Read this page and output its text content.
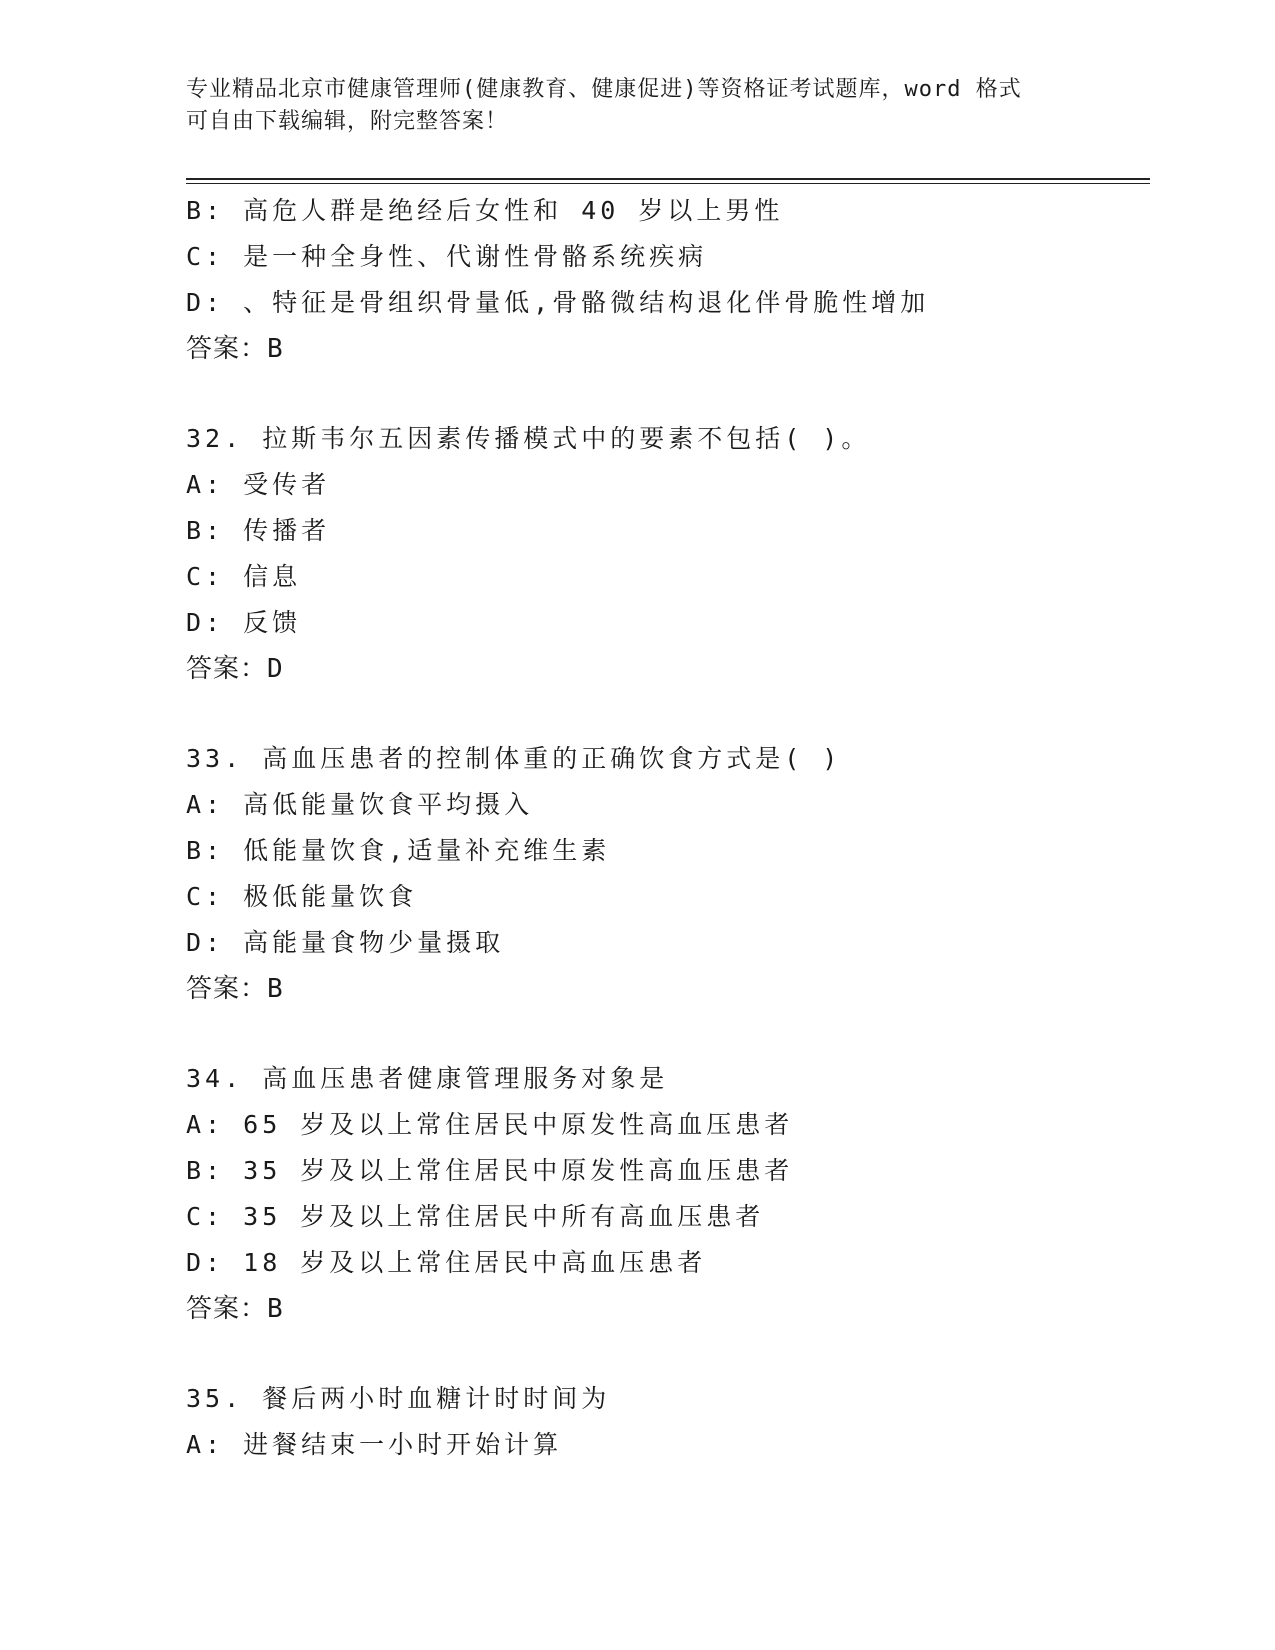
专业精品北京市健康管理师(健康教育、健康促进)等资格证考试题库，word 格式
可自由下载编辑，附完整答案！
B: 高危人群是绝经后女性和 40 岁以上男性
C: 是一种全身性、代谢性骨骼系统疾病
D: 、特征是骨组织骨量低,骨骼微结构退化伴骨脆性增加
答案：B
32. 拉斯韦尔五因素传播模式中的要素不包括( )。
A: 受传者
B: 传播者
C: 信息
D: 反馈
答案：D
33. 高血压患者的控制体重的正确饮食方式是( )
A: 高低能量饮食平均摄入
B: 低能量饮食,适量补充维生素
C: 极低能量饮食
D: 高能量食物少量摄取
答案：B
34. 高血压患者健康管理服务对象是
A: 65 岁及以上常住居民中原发性高血压患者
B: 35 岁及以上常住居民中原发性高血压患者
C: 35 岁及以上常住居民中所有高血压患者
D: 18 岁及以上常住居民中高血压患者
答案：B
35. 餐后两小时血糖计时时间为
A: 进餐结束一小时开始计算
